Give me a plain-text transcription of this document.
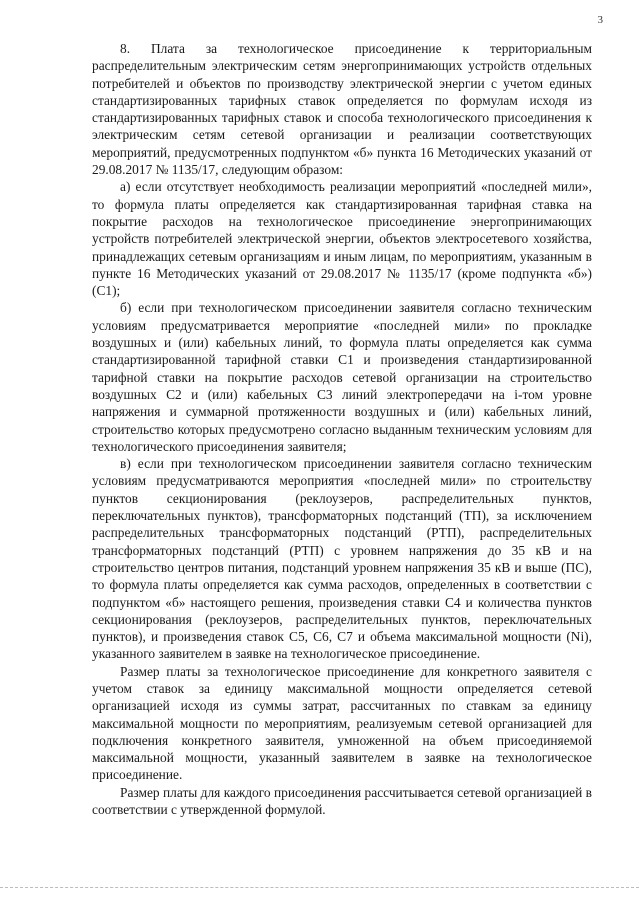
3

8. Плата за технологическое присоединение к территориальным распределительным электрическим сетям энергопринимающих устройств отдельных потребителей и объектов по производству электрической энергии с учетом единых стандартизированных тарифных ставок определяется по формулам исходя из стандартизированных тарифных ставок и способа технологического присоединения к электрическим сетям сетевой организации и реализации соответствующих мероприятий, предусмотренных подпунктом «б» пункта 16 Методических указаний от 29.08.2017 № 1135/17, следующим образом:

а) если отсутствует необходимость реализации мероприятий «последней мили», то формула платы определяется как стандартизированная тарифная ставка на покрытие расходов на технологическое присоединение энергопринимающих устройств потребителей электрической энергии, объектов электросетевого хозяйства, принадлежащих сетевым организациям и иным лицам, по мероприятиям, указанным в пункте 16 Методических указаний от 29.08.2017 № 1135/17 (кроме подпункта «б») (С1);

б) если при технологическом присоединении заявителя согласно техническим условиям предусматривается мероприятие «последней мили» по прокладке воздушных и (или) кабельных линий, то формула платы определяется как сумма стандартизированной тарифной ставки С1 и произведения стандартизированной тарифной ставки на покрытие расходов сетевой организации на строительство воздушных С2 и (или) кабельных С3 линий электропередачи на i-том уровне напряжения и суммарной протяженности воздушных и (или) кабельных линий, строительство которых предусмотрено согласно выданным техническим условиям для технологического присоединения заявителя;

в) если при технологическом присоединении заявителя согласно техническим условиям предусматриваются мероприятия «последней мили» по строительству пунктов секционирования (реклоузеров, распределительных пунктов, переключательных пунктов), трансформаторных подстанций (ТП), за исключением распределительных трансформаторных подстанций (РТП), распределительных трансформаторных подстанций (РТП) с уровнем напряжения до 35 кВ и на строительство центров питания, подстанций уровнем напряжения 35 кВ и выше (ПС), то формула платы определяется как сумма расходов, определенных в соответствии с подпунктом «б» настоящего решения, произведения ставки С4 и количества пунктов секционирования (реклоузеров, распределительных пунктов, переключательных пунктов), и произведения ставок С5, С6, С7 и объема максимальной мощности (Ni), указанного заявителем в заявке на технологическое присоединение.

Размер платы за технологическое присоединение для конкретного заявителя с учетом ставок за единицу максимальной мощности определяется сетевой организацией исходя из суммы затрат, рассчитанных по ставкам за единицу максимальной мощности по мероприятиям, реализуемым сетевой организацией для подключения конкретного заявителя, умноженной на объем присоединяемой максимальной мощности, указанный заявителем в заявке на технологическое присоединение.

Размер платы для каждого присоединения рассчитывается сетевой организацией в соответствии с утвержденной формулой.
